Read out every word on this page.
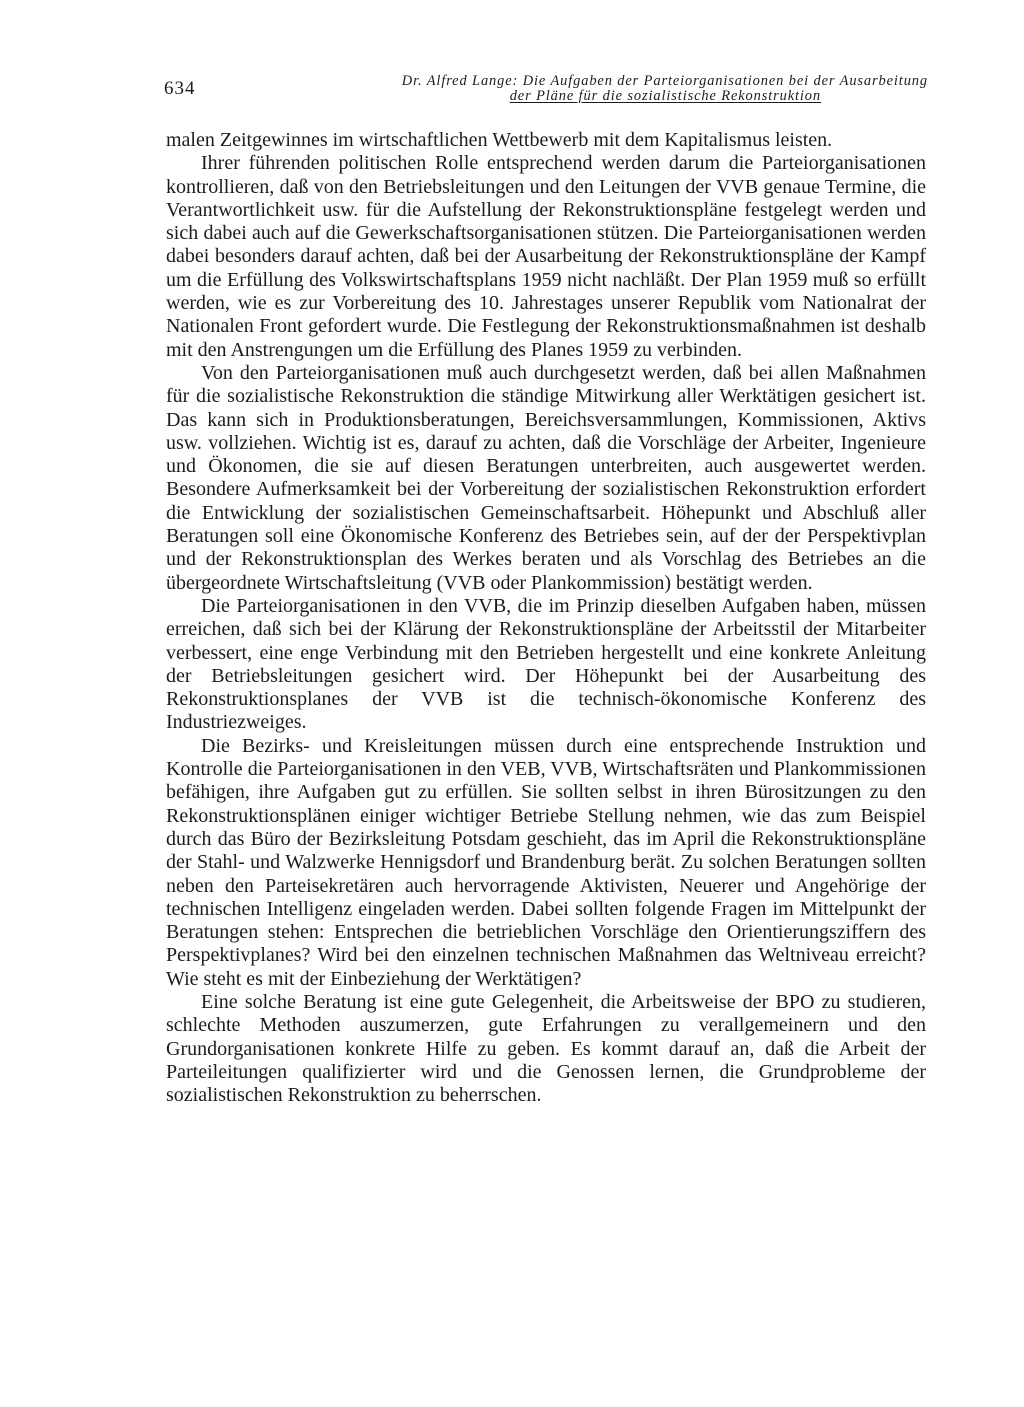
634	Dr. Alfred Lange: Die Aufgaben der Parteiorganisationen bei der Ausarbeitung
der Pläne für die sozialistische Rekonstruktion

malen Zeitgewinnes im wirtschaftlichen Wettbewerb mit dem Kapitalismus leisten.

Ihrer führenden politischen Rolle entsprechend werden darum die Parteiorganisationen kontrollieren, daß von den Betriebsleitungen und den Leitungen der VVB genaue Termine, die Verantwortlichkeit usw. für die Aufstellung der Rekonstruktionspläne festgelegt werden und sich dabei auch auf die Gewerkschaftsorganisationen stützen. Die Parteiorganisationen werden dabei besonders darauf achten, daß bei der Ausarbeitung der Rekonstruktionspläne der Kampf um die Erfüllung des Volkswirtschaftsplans 1959 nicht nachläßt. Der Plan 1959 muß so erfüllt werden, wie es zur Vorbereitung des 10. Jahrestages unserer Republik vom Nationalrat der Nationalen Front gefordert wurde. Die Festlegung der Rekonstruktionsmaßnahmen ist deshalb mit den Anstrengungen um die Erfüllung des Planes 1959 zu verbinden.

Von den Parteiorganisationen muß auch durchgesetzt werden, daß bei allen Maßnahmen für die sozialistische Rekonstruktion die ständige Mitwirkung aller Werktätigen gesichert ist. Das kann sich in Produktionsberatungen, Bereichsversammlungen, Kommissionen, Aktivs usw. vollziehen. Wichtig ist es, darauf zu achten, daß die Vorschläge der Arbeiter, Ingenieure und Ökonomen, die sie auf diesen Beratungen unterbreiten, auch ausgewertet werden. Besondere Aufmerksamkeit bei der Vorbereitung der sozialistischen Rekonstruktion erfordert die Entwicklung der sozialistischen Gemeinschaftsarbeit. Höhepunkt und Abschluß aller Beratungen soll eine Ökonomische Konferenz des Betriebes sein, auf der der Perspektivplan und der Rekonstruktionsplan des Werkes beraten und als Vorschlag des Betriebes an die übergeordnete Wirtschaftsleitung (VVB oder Plankommission) bestätigt werden.

Die Parteiorganisationen in den VVB, die im Prinzip dieselben Aufgaben haben, müssen erreichen, daß sich bei der Klärung der Rekonstruktionspläne der Arbeitsstil der Mitarbeiter verbessert, eine enge Verbindung mit den Betrieben hergestellt und eine konkrete Anleitung der Betriebsleitungen gesichert wird. Der Höhepunkt bei der Ausarbeitung des Rekonstruktionsplanes der VVB ist die technisch-ökonomische Konferenz des Industriezweiges.

Die Bezirks- und Kreisleitungen müssen durch eine entsprechende Instruktion und Kontrolle die Parteiorganisationen in den VEB, VVB, Wirtschaftsräten und Plankommissionen befähigen, ihre Aufgaben gut zu erfüllen. Sie sollten selbst in ihren Bürositzungen zu den Rekonstruktionsplänen einiger wichtiger Betriebe Stellung nehmen, wie das zum Beispiel durch das Büro der Bezirksleitung Potsdam geschieht, das im April die Rekonstruktionspläne der Stahl- und Walzwerke Hennigsdorf und Brandenburg berät. Zu solchen Beratungen sollten neben den Parteisekretären auch hervorragende Aktivisten, Neuerer und Angehörige der technischen Intelligenz eingeladen werden. Dabei sollten folgende Fragen im Mittelpunkt der Beratungen stehen: Entsprechen die betrieblichen Vorschläge den Orientierungsziffern des Perspektivplanes? Wird bei den einzelnen technischen Maßnahmen das Weltniveau erreicht? Wie steht es mit der Einbeziehung der Werktätigen?

Eine solche Beratung ist eine gute Gelegenheit, die Arbeitsweise der BPO zu studieren, schlechte Methoden auszumerzen, gute Erfahrungen zu verallgemeinern und den Grundorganisationen konkrete Hilfe zu geben. Es kommt darauf an, daß die Arbeit der Parteileitungen qualifizierter wird und die Genossen lernen, die Grundprobleme der sozialistischen Rekonstruktion zu beherrschen.
